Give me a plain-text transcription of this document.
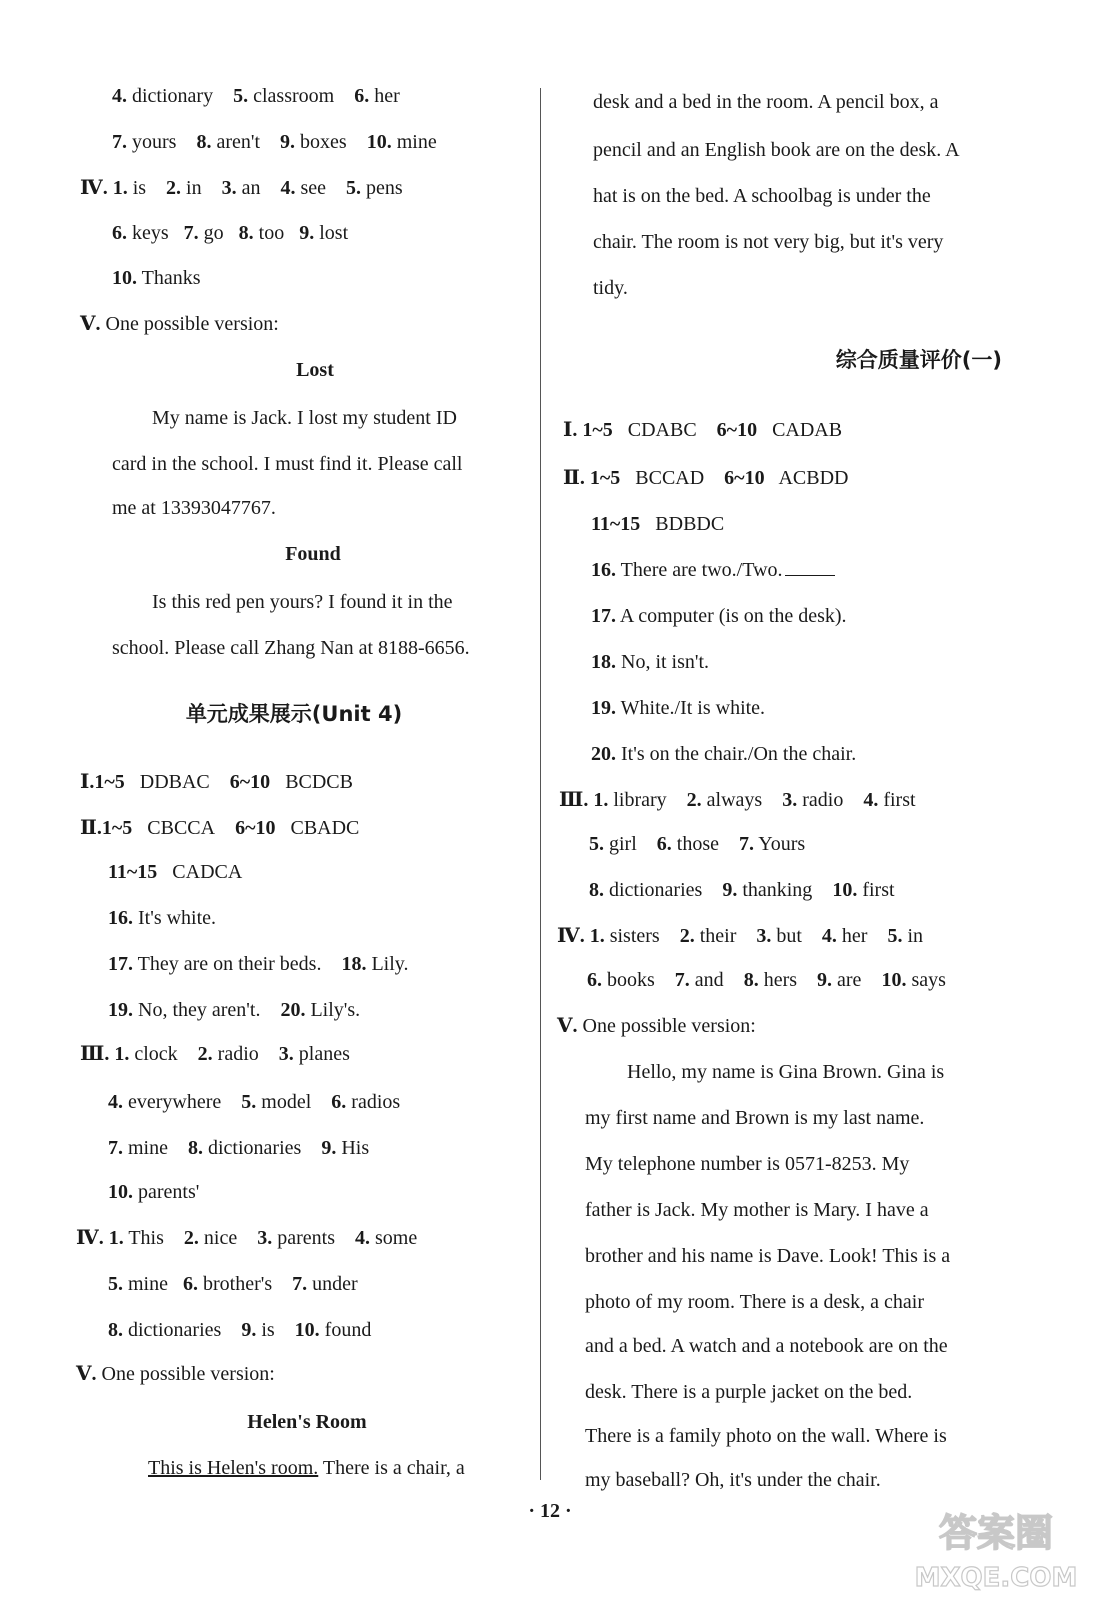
4. dictionary 5. classroom 6. her
7. yours 8. aren't 9. boxes 10. mine
Ⅳ. 1. is 2. in 3. an 4. see 5. pens
6. keys 7. go 8. too 9. lost
10. Thanks
Ⅴ. One possible version:
Lost
My name is Jack. I lost my student ID
card in the school. I must find it. Please call
me at 13393047767.
Found
Is this red pen yours? I found it in the
school. Please call Zhang Nan at 8188-6656.
单元成果展示(Unit 4)
Ⅰ.1~5 DDBAC 6~10 BCDCB
Ⅱ.1~5 CBCCA 6~10 CBADC
11~15 CADCA
16. It's white.
17. They are on their beds. 18. Lily.
19. No, they aren't. 20. Lily's.
Ⅲ. 1. clock 2. radio 3. planes
4. everywhere 5. model 6. radios
7. mine 8. dictionaries 9. His
10. parents'
Ⅳ. 1. This 2. nice 3. parents 4. some
5. mine 6. brother's 7. under
8. dictionaries 9. is 10. found
Ⅴ. One possible version:
Helen's Room
This is Helen's room. There is a chair, a
desk and a bed in the room. A pencil box, a
pencil and an English book are on the desk. A
hat is on the bed. A schoolbag is under the
chair. The room is not very big, but it's very
tidy.
综合质量评价(一)
Ⅰ. 1~5 CDABC 6~10 CADAB
Ⅱ. 1~5 BCCAD 6~10 ACBDD
11~15 BDBDC
16. There are two./Two.
17. A computer (is on the desk).
18. No, it isn't.
19. White./It is white.
20. It's on the chair./On the chair.
Ⅲ. 1. library 2. always 3. radio 4. first
5. girl 6. those 7. Yours
8. dictionaries 9. thanking 10. first
Ⅳ. 1. sisters 2. their 3. but 4. her 5. in
6. books 7. and 8. hers 9. are 10. says
Ⅴ. One possible version:
Hello, my name is Gina Brown. Gina is
my first name and Brown is my last name.
My telephone number is 0571-8253. My
father is Jack. My mother is Mary. I have a
brother and his name is Dave. Look! This is a
photo of my room. There is a desk, a chair
and a bed. A watch and a notebook are on the
desk. There is a purple jacket on the bed.
There is a family photo on the wall. Where is
my baseball? Oh, it's under the chair.
· 12 ·	答案圈
MXQE.COM
